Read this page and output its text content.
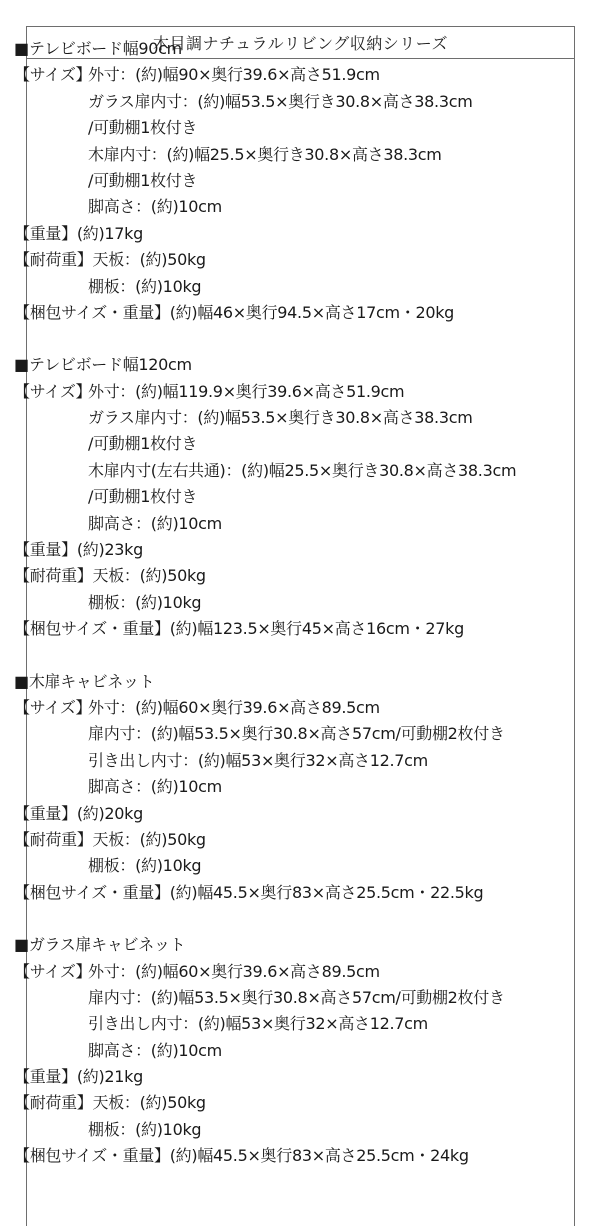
木目調ナチュラルリビング収納シリーズ
■テレビボード幅90cm
【サイズ】
外寸：(約)幅90×奥行39.6×高さ51.9cm
ガラス扉内寸：(約)幅53.5×奥行き30.8×高さ38.3cm
/可動棚1枚付き
木扉内寸：(約)幅25.5×奥行き30.8×高さ38.3cm
/可動棚1枚付き
脚高さ：(約)10cm
【重量】 (約)17kg
【耐荷重】 天板：(約)50kg
棚板：(約)10kg
【梱包サイズ・重量】 (約)幅46×奥行94.5×高さ17cm・20kg
■テレビボード幅120cm
【サイズ】
外寸：(約)幅119.9×奥行39.6×高さ51.9cm
ガラス扉内寸：(約)幅53.5×奥行き30.8×高さ38.3cm
/可動棚1枚付き
木扉内寸(左右共通)：(約)幅25.5×奥行き30.8×高さ38.3cm
/可動棚1枚付き
脚高さ：(約)10cm
【重量】 (約)23kg
【耐荷重】 天板：(約)50kg
棚板：(約)10kg
【梱包サイズ・重量】 (約)幅123.5×奥行45×高さ16cm・27kg
■木扉キャビネット
【サイズ】
外寸：(約)幅60×奥行39.6×高さ89.5cm
扉内寸：(約)幅53.5×奥行30.8×高さ57cm/可動棚2枚付き
引き出し内寸：(約)幅53×奥行32×高さ12.7cm
脚高さ：(約)10cm
【重量】 (約)20kg
【耐荷重】 天板：(約)50kg
棚板：(約)10kg
【梱包サイズ・重量】 (約)幅45.5×奥行83×高さ25.5cm・22.5kg
■ガラス扉キャビネット
【サイズ】
外寸：(約)幅60×奥行39.6×高さ89.5cm
扉内寸：(約)幅53.5×奥行30.8×高さ57cm/可動棚2枚付き
引き出し内寸：(約)幅53×奥行32×高さ12.7cm
脚高さ：(約)10cm
【重量】 (約)21kg
【耐荷重】 天板：(約)50kg
棚板：(約)10kg
【梱包サイズ・重量】 (約)幅45.5×奥行83×高さ25.5cm・24kg
